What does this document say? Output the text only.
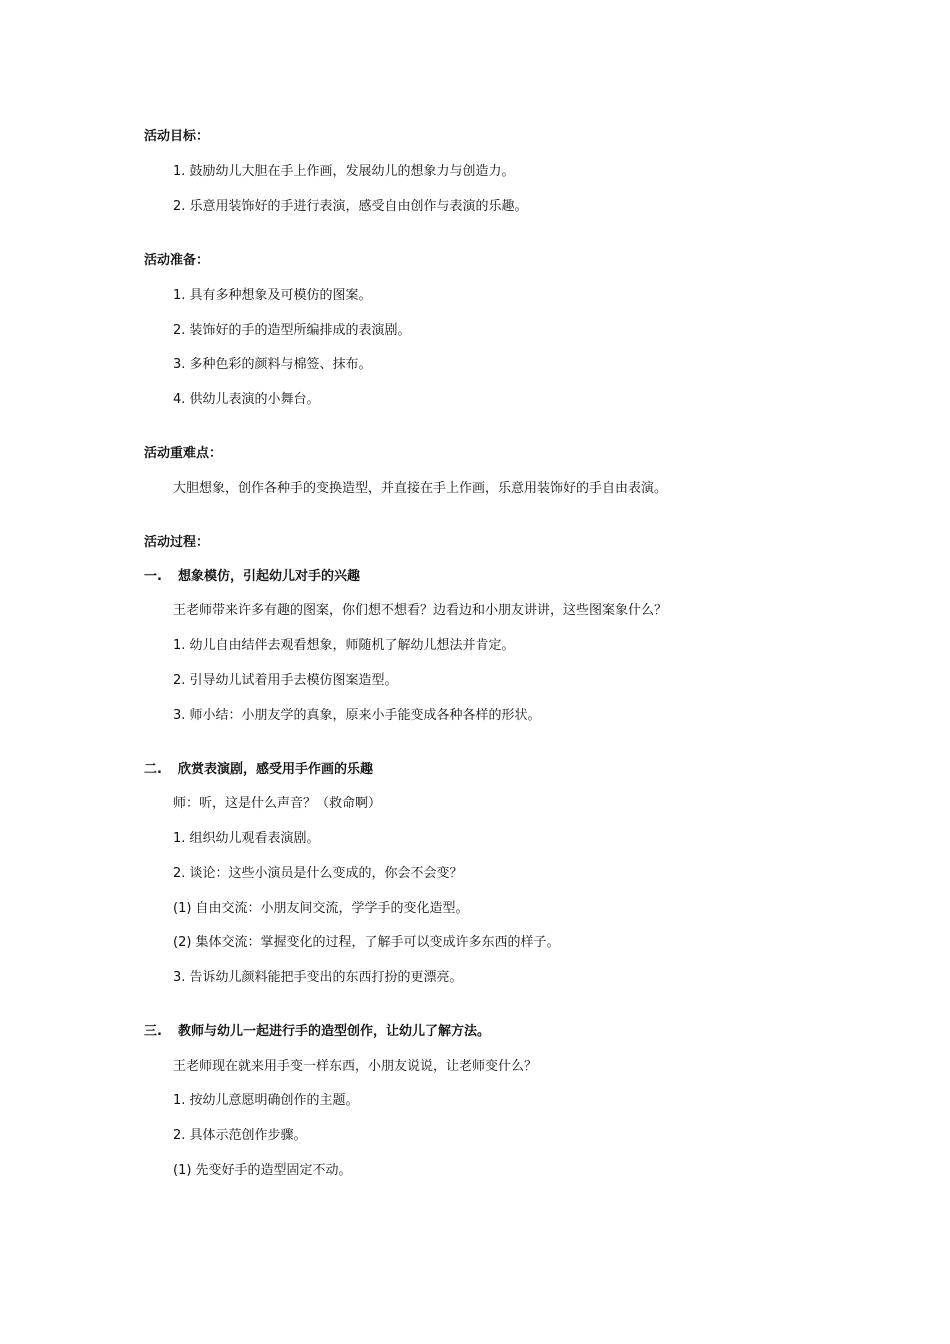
活动目标：
1. 鼓励幼儿大胆在手上作画，发展幼儿的想象力与创造力。
2. 乐意用装饰好的手进行表演，感受自由创作与表演的乐趣。
活动准备：
1. 具有多种想象及可模仿的图案。
2. 装饰好的手的造型所编排成的表演剧。
3. 多种色彩的颜料与棉签、抹布。
4. 供幼儿表演的小舞台。
活动重难点：
大胆想象，创作各种手的变换造型，并直接在手上作画，乐意用装饰好的手自由表演。
活动过程：
一. 想象模仿，引起幼儿对手的兴趣
王老师带来许多有趣的图案，你们想不想看？边看边和小朋友讲讲，这些图案象什么？
1. 幼儿自由结伴去观看想象，师随机了解幼儿想法并肯定。
2. 引导幼儿试着用手去模仿图案造型。
3. 师小结：小朋友学的真象，原来小手能变成各种各样的形状。
二. 欣赏表演剧，感受用手作画的乐趣
师：听，这是什么声音？（救命啊）
1. 组织幼儿观看表演剧。
2. 谈论：这些小演员是什么变成的，你会不会变？
(1) 自由交流：小朋友间交流，学学手的变化造型。
(2) 集体交流：掌握变化的过程，了解手可以变成许多东西的样子。
3. 告诉幼儿颜料能把手变出的东西打扮的更漂亮。
三. 教师与幼儿一起进行手的造型创作，让幼儿了解方法。
王老师现在就来用手变一样东西，小朋友说说，让老师变什么？
1. 按幼儿意愿明确创作的主题。
2. 具体示范创作步骤。
(1) 先变好手的造型固定不动。
